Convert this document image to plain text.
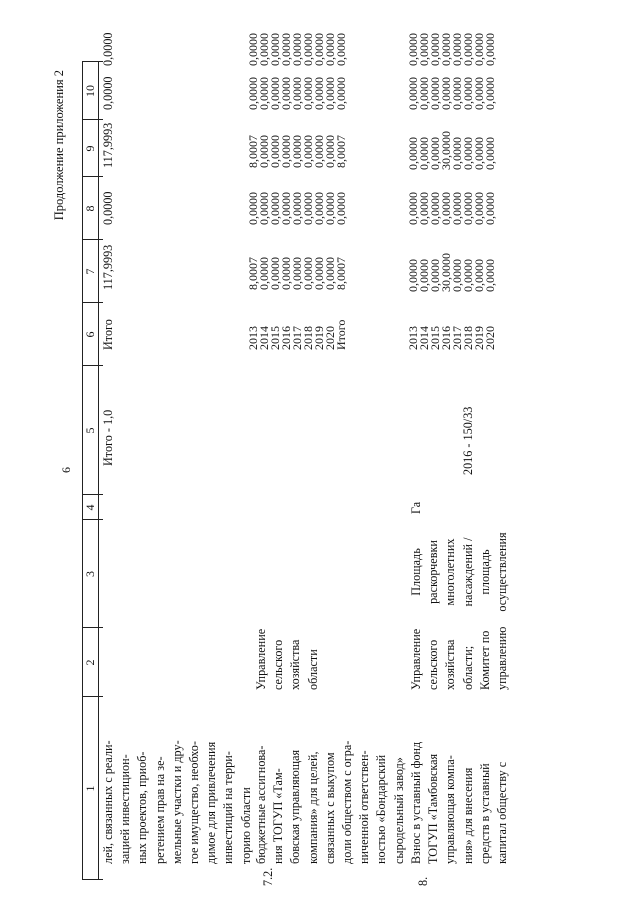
6
Продолжение приложения 2
1
2
3
4
5
6
7
8
9
10
лей, связанных с реали- зацией инвестицион- ных проектов, приоб- ретением прав на зе- мельные участки и дру- гое имущество, необхо- димое для привлечения инвестиций на терри- торию области
Итого - 1,0
Итого
117,9993
0,0000
117,9993
0,0000
0,0000
7.2.
бюджетные ассигнова- ния ТОГУП «Там- бовская управляющая компания» для целей, связанных с выкупом доли обществом с огра- ниченной ответствен- ностью «Бондарский сыродельный завод»
Управление сельского хозяйства области
2013
2014
2015
2016
2017
2018
2019
2020
Итого
8,0007
0,0000
0,0000
0,0000
0,0000
0,0000
0,0000
0,0000
8,0007
0,0000
0,0000
0,0000
0,0000
0,0000
0,0000
0,0000
0,0000
0,0000
8,0007
0,0000
0,0000
0,0000
0,0000
0,0000
0,0000
0,0000
8,0007
0,0000
0,0000
0,0000
0,0000
0,0000
0,0000
0,0000
0,0000
0,0000
0,0000
0,0000
0,0000
0,0000
0,0000
0,0000
0,0000
0,0000
0,0000
8.
Взнос в уставный фонд ТОГУП «Тамбовская управляющая компа- ния» для внесения средств в уставный капитал обществу с
Управление сельского хозяйства области; Комитет по управлению
Площадь раскорчевки многолетних насаждений / площадь осуществления
Га
2016 - 150/33
2013
2014
2015
2016
2017
2018
2019
2020
0,0000
0,0000
0,0000
30,0000
0,0000
0,0000
0,0000
0,0000
0,0000
0,0000
0,0000
0,0000
0,0000
0,0000
0,0000
0,0000
0,0000
0,0000
0,0000
30,0000
0,0000
0,0000
0,0000
0,0000
0,0000
0,0000
0,0000
0,0000
0,0000
0,0000
0,0000
0,0000
0,0000
0,0000
0,0000
0,0000
0,0000
0,0000
0,0000
0,0000
